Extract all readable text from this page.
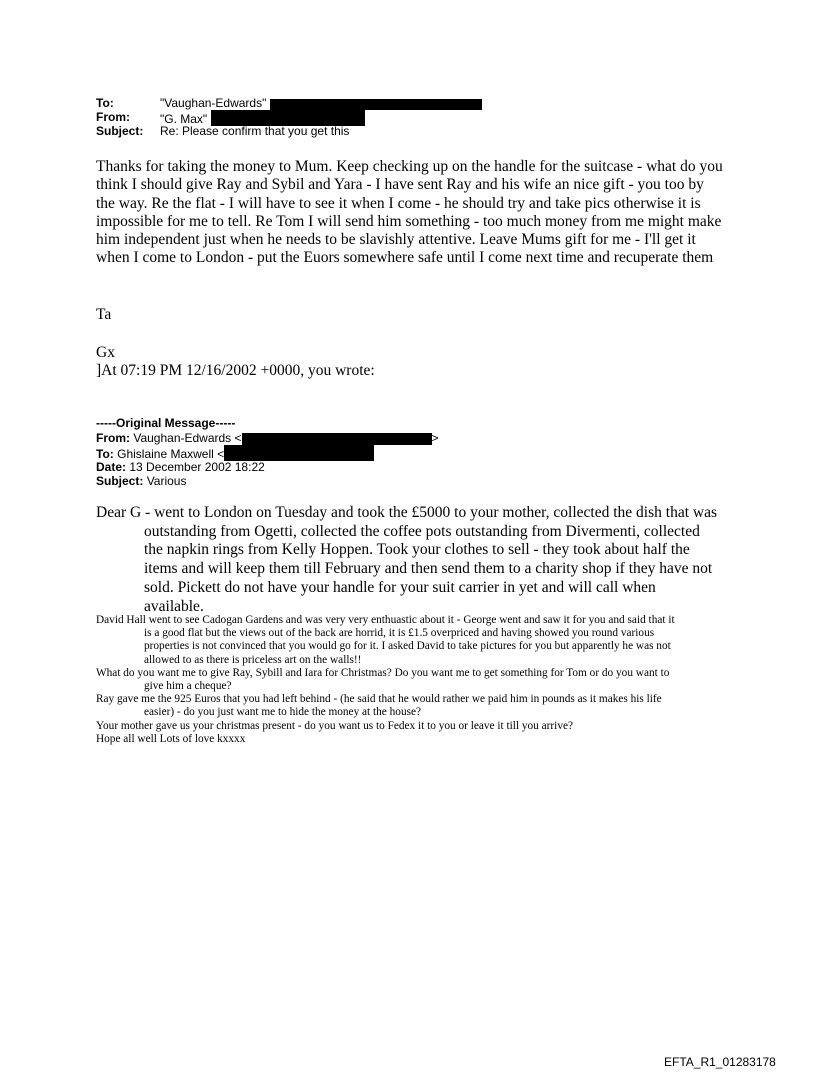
To:	"Vaughan-Edwards"
From:	"G. Max"
Subject: Re: Please confirm that you get this

Thanks for taking the money to Mum. Keep checking up on the handle for the suitcase - what do you think I should give Ray and Sybil and Yara - I have sent Ray and his wife an nice gift - you too by the way. Re the flat - I will have to see it when I come - he should try and take pics otherwise it is impossible for me to tell. Re Tom I will send him something - too much money from me might make him independent just when he needs to be slavishly attentive. Leave Mums gift for me - I'll get it when I come to London - put the Euors somewhere safe until I come next time and recuperate them

Ta

Gx

]At 07:19 PM 12/16/2002 +0000, you wrote:

-----Original Message-----
From: Vaughan-Edwards <	>
To: Ghislaine Maxwell <
Date: 13 December 2002 18:22
Subject: Various

Dear G - went to London on Tuesday and took the £5000 to your mother, collected the dish that was outstanding from Ogetti, collected the coffee pots outstanding from Divermenti, collected the napkin rings from Kelly Hoppen. Took your clothes to sell - they took about half the items and will keep them till February and then send them to a charity shop if they have not sold. Pickett do not have your handle for your suit carrier in yet and will call when available.

David Hall went to see Cadogan Gardens and was very very enthuastic about it - George went and saw it for you and said that it is a good flat but the views out of the back are horrid, it is £1.5 overpriced and having showed you round various properties is not convinced that you would go for it. I asked David to take pictures for you but apparently he was not allowed to as there is priceless art on the walls!!

What do you want me to give Ray, Sybill and Iara for Christmas? Do you want me to get something for Tom or do you want to give him a cheque?

Ray gave me the 925 Euros that you had left behind - (he said that he would rather we paid him in pounds as it makes his life easier) - do you just want me to hide the money at the house?

Your mother gave us your christmas present - do you want us to Fedex it to you or leave it till you arrive?

Hope all well Lots of love kxxxx

EFTA_R1_01283178
